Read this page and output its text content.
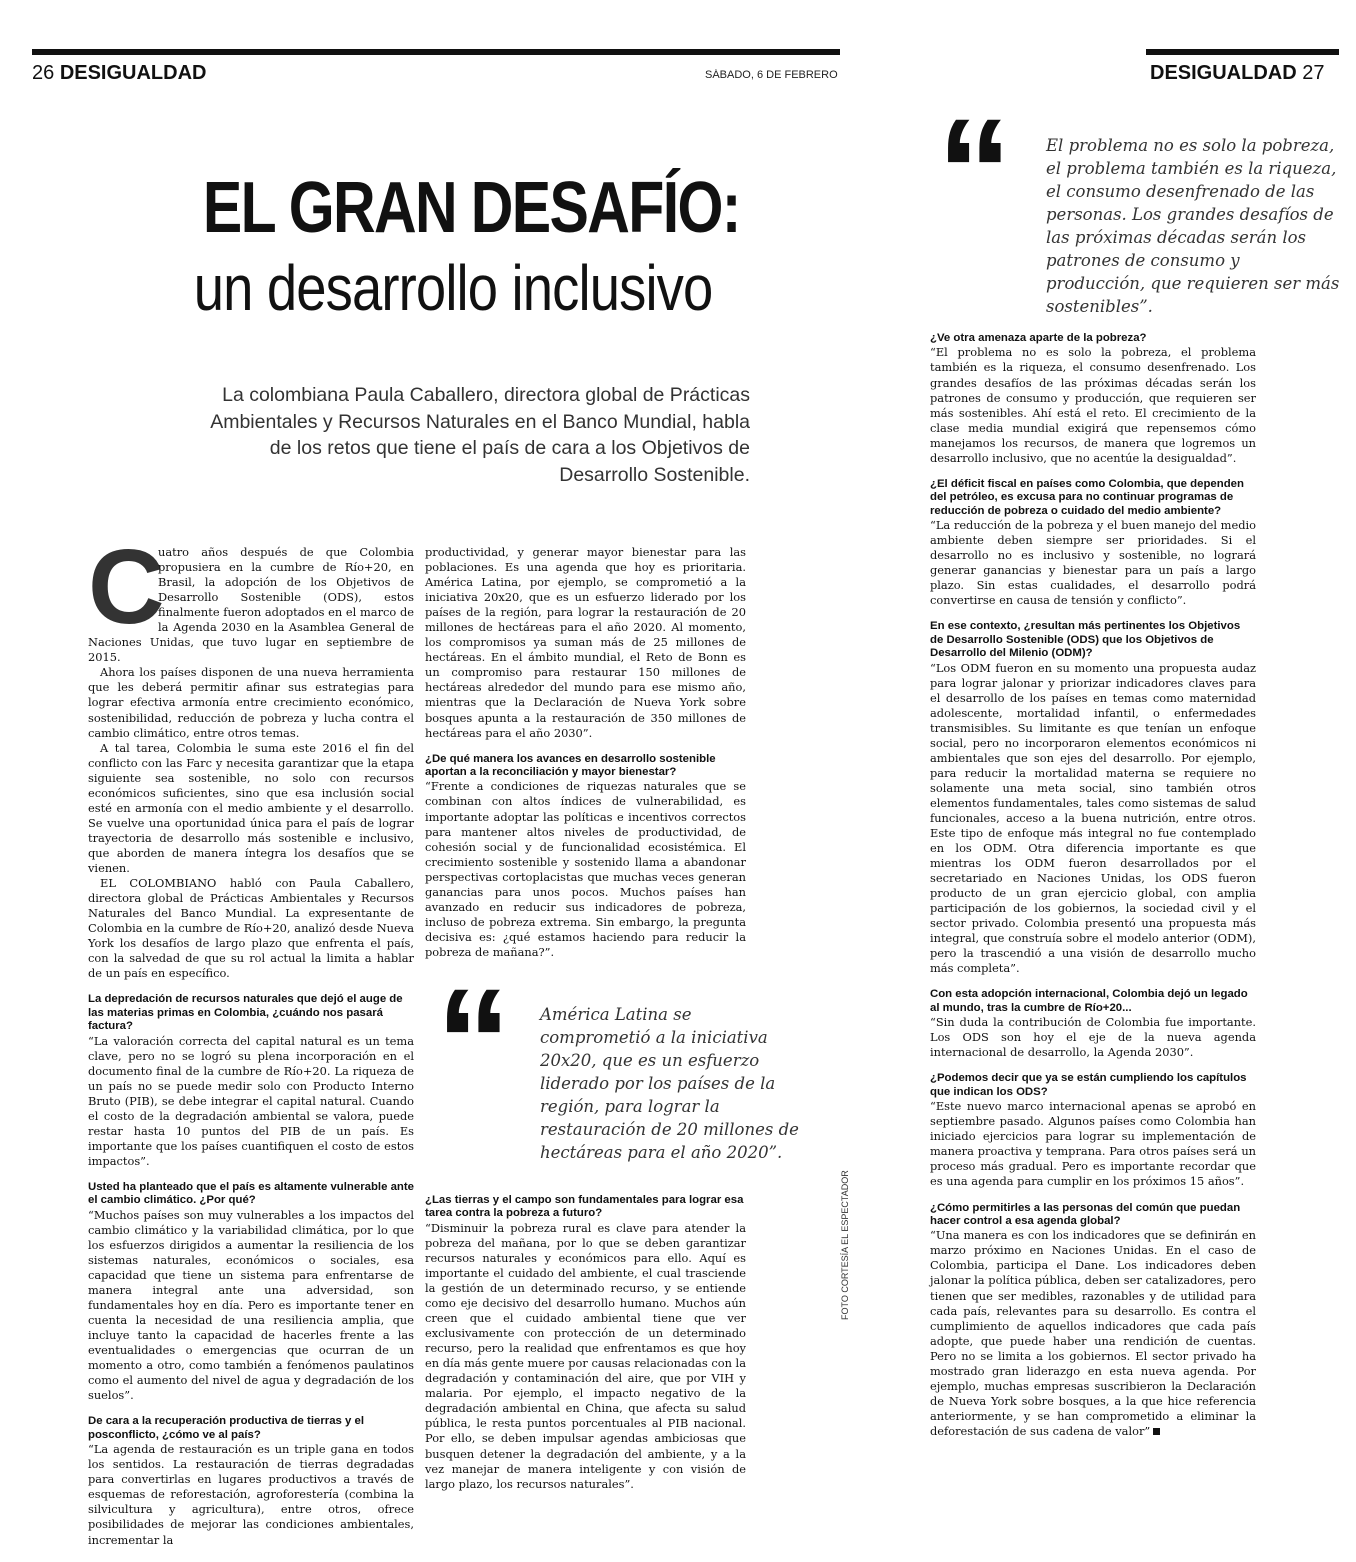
26 DESIGUALDAD	SÁBADO, 6 DE FEBRERO	DESIGUALDAD 27
EL GRAN DESAFÍO:
un desarrollo inclusivo
La colombiana Paula Caballero, directora global de Prácticas Ambientales y Recursos Naturales en el Banco Mundial, habla de los retos que tiene el país de cara a los Objetivos de Desarrollo Sostenible.
C

uatro años después de que Colombia propusiera en la cumbre de Río+20, en Brasil, la adopción de los Objetivos de Desarrollo Sostenible (ODS), estos finalmente fueron adoptados en el marco de la Agenda 2030 en la Asamblea General de Naciones Unidas, que tuvo lugar en septiembre de 2015.

Ahora los países disponen de una nueva herramienta que les deberá permitir afinar sus estrategias para lograr efectiva armonía entre crecimiento económico, sostenibilidad, reducción de pobreza y lucha contra el cambio climático, entre otros temas.

A tal tarea, Colombia le suma este 2016 el fin del conflicto con las Farc y necesita garantizar que la etapa siguiente sea sostenible, no solo con recursos económicos suficientes, sino que esa inclusión social esté en armonía con el medio ambiente y el desarrollo. Se vuelve una oportunidad única para el país de lograr trayectoria de desarrollo más sostenible e inclusivo, que aborden de manera íntegra los desafíos que se vienen.

EL COLOMBIANO habló con Paula Caballero, directora global de Prácticas Ambientales y Recursos Naturales del Banco Mundial. La expresentante de Colombia en la cumbre de Río+20, analizó desde Nueva York los desafíos de largo plazo que enfrenta el país, con la salvedad de que su rol actual la limita a hablar de un país en específico.

La depredación de recursos naturales que dejó el auge de las materias primas en Colombia, ¿cuándo nos pasará factura?

“La valoración correcta del capital natural es un tema clave, pero no se logró su plena incorporación en el documento final de la cumbre de Río+20. La riqueza de un país no se puede medir solo con Producto Interno Bruto (PIB), se debe integrar el capital natural. Cuando el costo de la degradación ambiental se valora, puede restar hasta 10 puntos del PIB de un país. Es importante que los países cuantifiquen el costo de estos impactos”.

Usted ha planteado que el país es altamente vulnerable ante el cambio climático. ¿Por qué?

“Muchos países son muy vulnerables a los impactos del cambio climático y la variabilidad climática, por lo que los esfuerzos dirigidos a aumentar la resiliencia de los sistemas naturales, económicos o sociales, esa capacidad que tiene un sistema para enfrentarse de manera integral ante una adversidad, son fundamentales hoy en día. Pero es importante tener en cuenta la necesidad de una resiliencia amplia, que incluye tanto la capacidad de hacerles frente a las eventualidades o emergencias que ocurran de un momento a otro, como también a fenómenos paulatinos como el aumento del nivel de agua y degradación de los suelos”.

De cara a la recuperación productiva de tierras y el posconflicto, ¿cómo ve al país?

“La agenda de restauración es un triple gana en todos los sentidos. La restauración de tierras degradadas para convertirlas en lugares productivos a través de esquemas de reforestación, agroforestería (combina la silvicultura y agricultura), entre otros, ofrece posibilidades de mejorar las condiciones ambientales, incrementar la

productividad, y generar mayor bienestar para las poblaciones. Es una agenda que hoy es prioritaria. América Latina, por ejemplo, se comprometió a la iniciativa 20x20, que es un esfuerzo liderado por los países de la región, para lograr la restauración de 20 millones de hectáreas para el año 2020. Al momento, los compromisos ya suman más de 25 millones de hectáreas. En el ámbito mundial, el Reto de Bonn es un compromiso para restaurar 150 millones de hectáreas alrededor del mundo para ese mismo año, mientras que la Declaración de Nueva York sobre bosques apunta a la restauración de 350 millones de hectáreas para el año 2030”.

¿De qué manera los avances en desarrollo sostenible aportan a la reconciliación y mayor bienestar?

“Frente a condiciones de riquezas naturales que se combinan con altos índices de vulnerabilidad, es importante adoptar las políticas e incentivos correctos para mantener altos niveles de productividad, de cohesión social y de funcionalidad ecosistémica. El crecimiento sostenible y sostenido llama a abandonar perspectivas cortoplacistas que muchas veces generan ganancias para unos pocos. Muchos países han avanzado en reducir sus indicadores de pobreza, incluso de pobreza extrema. Sin embargo, la pregunta decisiva es: ¿qué estamos haciendo para reducir la pobreza de mañana?”.

¿Las tierras y el campo son fundamentales para lograr esa tarea contra la pobreza a futuro?

“Disminuir la pobreza rural es clave para atender la pobreza del mañana, por lo que se deben garantizar recursos naturales y económicos para ello. Aquí es importante el cuidado del ambiente, el cual trasciende la gestión de un determinado recurso, y se entiende como eje decisivo del desarrollo humano. Muchos aún creen que el cuidado ambiental tiene que ver exclusivamente con protección de un determinado recurso, pero la realidad que enfrentamos es que hoy en día más gente muere por causas relacionadas con la degradación y contaminación del aire, que por VIH y malaria. Por ejemplo, el impacto negativo de la degradación ambiental en China, que afecta su salud pública, le resta puntos porcentuales al PIB nacional. Por ello, se deben impulsar agendas ambiciosas que busquen detener la degradación del ambiente, y a la vez manejar de manera inteligente y con visión de largo plazo, los recursos naturales”.

¿Ve otra amenaza aparte de la pobreza?

“El problema no es solo la pobreza, el problema también es la riqueza, el consumo desenfrenado. Los grandes desafíos de las próximas décadas serán los patrones de consumo y producción, que requieren ser más sostenibles. Ahí está el reto. El crecimiento de la clase media mundial exigirá que repensemos cómo manejamos los recursos, de manera que logremos un desarrollo inclusivo, que no acentúe la desigualdad”.

¿El déficit fiscal en países como Colombia, que dependen del petróleo, es excusa para no continuar programas de reducción de pobreza o cuidado del medio ambiente?

“La reducción de la pobreza y el buen manejo del medio ambiente deben siempre ser prioridades. Si el desarrollo no es inclusivo y sostenible, no logrará generar ganancias y bienestar para un país a largo plazo. Sin estas cualidades, el desarrollo podrá convertirse en causa de tensión y conflicto”.

En ese contexto, ¿resultan más pertinentes los Objetivos de Desarrollo Sostenible (ODS) que los Objetivos de Desarrollo del Milenio (ODM)?

“Los ODM fueron en su momento una propuesta audaz para lograr jalonar y priorizar indicadores claves para el desarrollo de los países en temas como maternidad adolescente, mortalidad infantil, o enfermedades transmisibles. Su limitante es que tenían un enfoque social, pero no incorporaron elementos económicos ni ambientales que son ejes del desarrollo. Por ejemplo, para reducir la mortalidad materna se requiere no solamente una meta social, sino también otros elementos fundamentales, tales como sistemas de salud funcionales, acceso a la buena nutrición, entre otros. Este tipo de enfoque más integral no fue contemplado en los ODM. Otra diferencia importante es que mientras los ODM fueron desarrollados por el secretariado en Naciones Unidas, los ODS fueron producto de un gran ejercicio global, con amplia participación de los gobiernos, la sociedad civil y el sector privado. Colombia presentó una propuesta más integral, que construía sobre el modelo anterior (ODM), pero la trascendió a una visión de desarrollo mucho más completa”.

Con esta adopción internacional, Colombia dejó un legado al mundo, tras la cumbre de Río+20...

“Sin duda la contribución de Colombia fue importante. Los ODS son hoy el eje de la nueva agenda internacional de desarrollo, la Agenda 2030”.

¿Podemos decir que ya se están cumpliendo los capítulos que indican los ODS?

“Este nuevo marco internacional apenas se aprobó en septiembre pasado. Algunos países como Colombia han iniciado ejercicios para lograr su implementación de manera proactiva y temprana. Para otros países será un proceso más gradual. Pero es importante recordar que es una agenda para cumplir en los próximos 15 años”.

¿Cómo permitirles a las personas del común que puedan hacer control a esa agenda global?

“Una manera es con los indicadores que se definirán en marzo próximo en Naciones Unidas. En el caso de Colombia, participa el Dane. Los indicadores deben jalonar la política pública, deben ser catalizadores, pero tienen que ser medibles, razonables y de utilidad para cada país, relevantes para su desarrollo. Es contra el cumplimiento de aquellos indicadores que cada país adopte, que puede haber una rendición de cuentas. Pero no se limita a los gobiernos. El sector privado ha mostrado gran liderazgo en esta nueva agenda. Por ejemplo, muchas empresas suscribieron la Declaración de Nueva York sobre bosques, a la que hice referencia anteriormente, y se han comprometido a eliminar la deforestación de sus cadena de valor”

“ América Latina se comprometió a la iniciativa 20x20, que es un esfuerzo liderado por los países de la región, para lograr la restauración de 20 millones de hectáreas para el año 2020”.
“ El problema no es solo la pobreza, el problema también es la riqueza, el consumo desenfrenado de las personas. Los grandes desafíos de las próximas décadas serán los patrones de consumo y producción, que requieren ser más sostenibles”.
FOTO CORTESÍA EL ESPECTADOR
